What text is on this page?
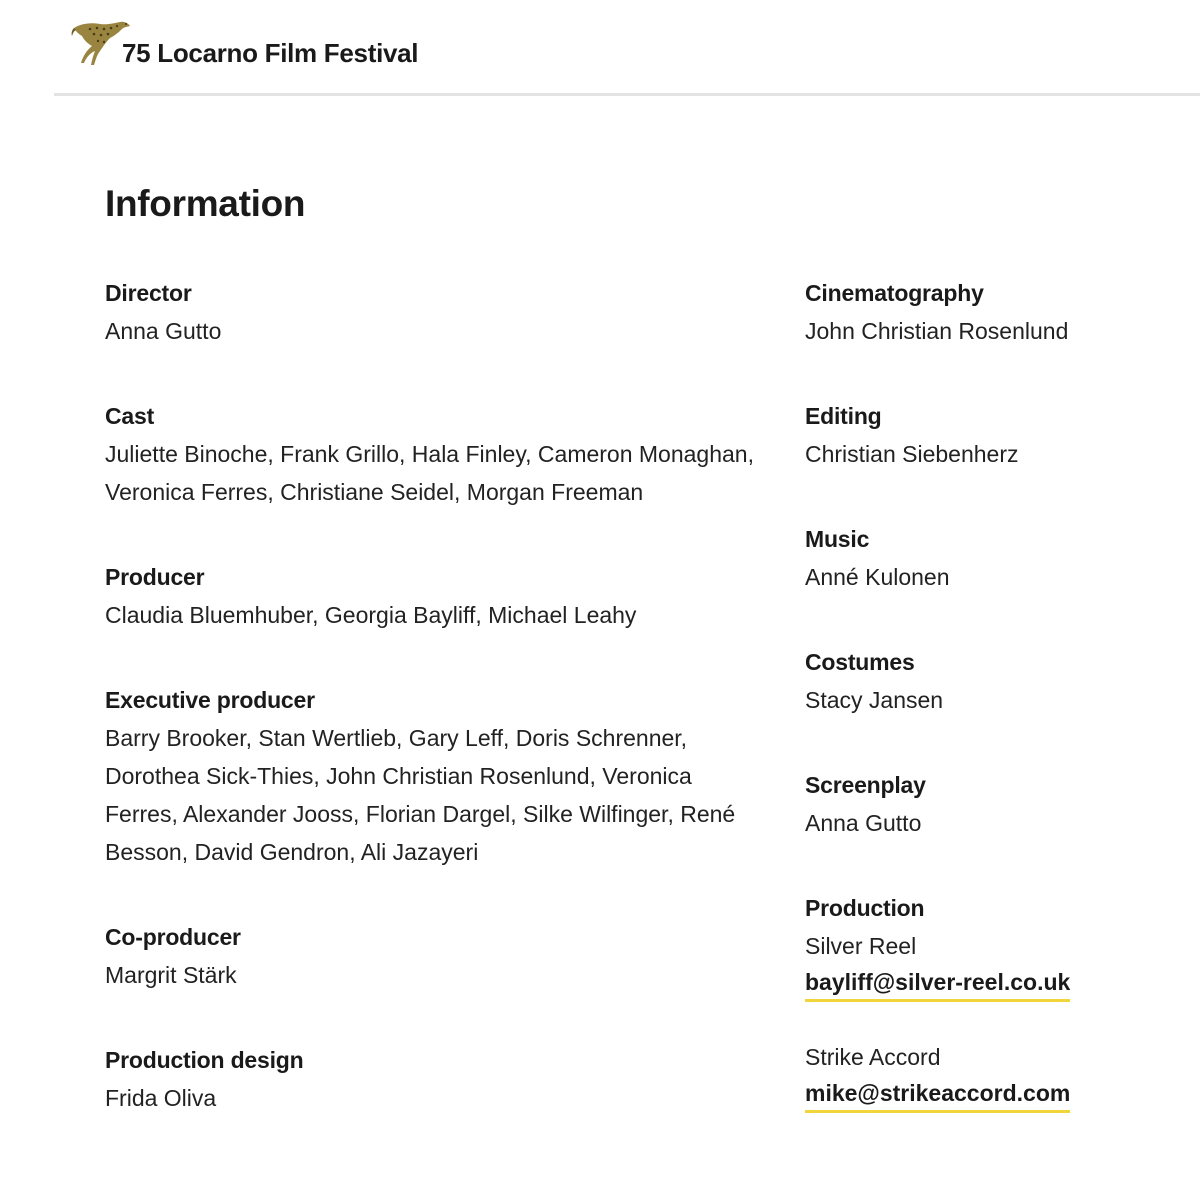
75 Locarno Film Festival
Information
Director
Anna Gutto
Cast
Juliette Binoche, Frank Grillo, Hala Finley, Cameron Monaghan, Veronica Ferres, Christiane Seidel, Morgan Freeman
Producer
Claudia Bluemhuber, Georgia Bayliff, Michael Leahy
Executive producer
Barry Brooker, Stan Wertlieb, Gary Leff, Doris Schrenner, Dorothea Sick-Thies, John Christian Rosenlund, Veronica Ferres, Alexander Jooss, Florian Dargel, Silke Wilfinger, René Besson, David Gendron, Ali Jazayeri
Co-producer
Margrit Stärk
Production design
Frida Oliva
Cinematography
John Christian Rosenlund
Editing
Christian Siebenherz
Music
Anné Kulonen
Costumes
Stacy Jansen
Screenplay
Anna Gutto
Production
Silver Reel
bayliff@silver-reel.co.uk
Strike Accord
mike@strikeaccord.com
